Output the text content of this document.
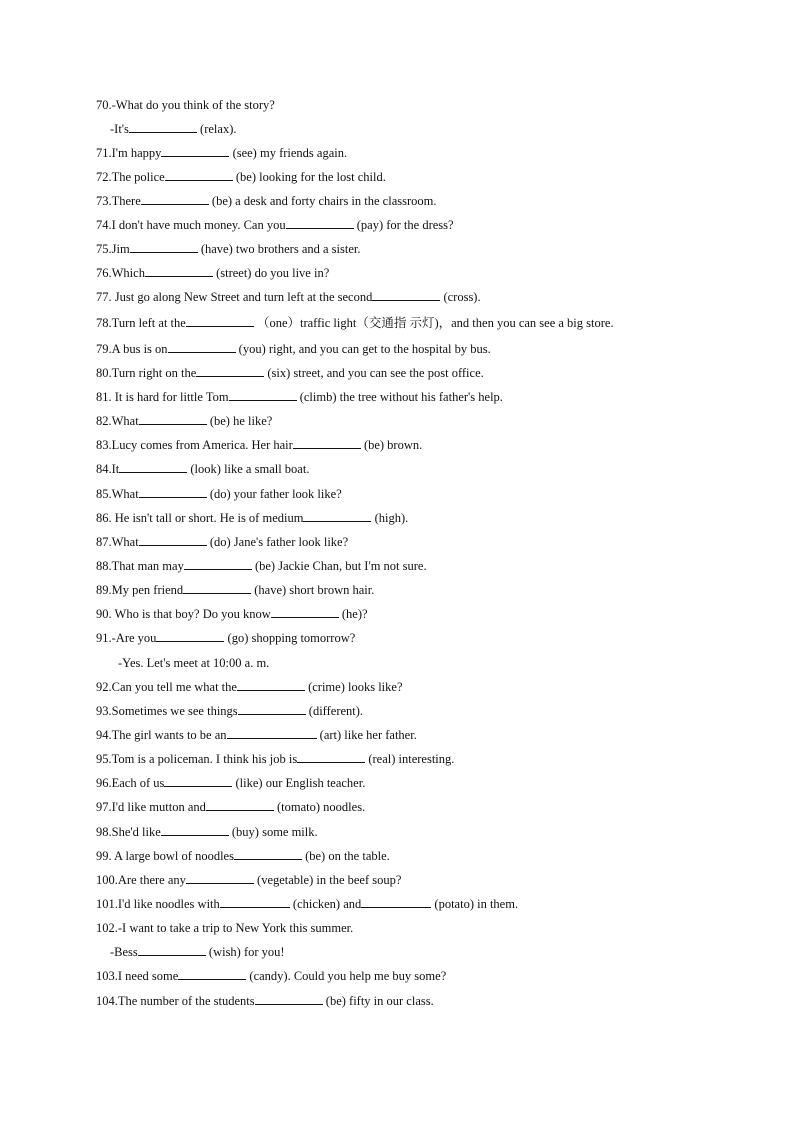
70.-What do you think of the story?
-It's	(relax).
71.I'm happy	(see) my friends again.
72.The police	(be) looking for the lost child.
73.There	(be) a desk and forty chairs in the classroom.
74.I don't have much money. Can you	(pay) for the dress?
75.Jim	(have) two brothers and a sister.
76.Which	(street) do you live in?
77. Just go along New Street and turn left at the second	(cross).
78.Turn left at the	（one）traffic light（交通指 示灯)，and then you can see a big store.
79.A bus is on	(you) right, and you can get to the hospital by bus.
80.Turn right on the	(six) street, and you can see the post office.
81. It is hard for little Tom	(climb) the tree without his father's help.
82.What	(be) he like?
83.Lucy comes from America. Her hair	(be) brown.
84.It	(look) like a small boat.
85.What	(do) your father look like?
86. He isn't tall or short. He is of medium	(high).
87.What	(do) Jane's father look like?
88.That man may	(be) Jackie Chan, but I'm not sure.
89.My pen friend	(have) short brown hair.
90. Who is that boy? Do you know	(he)?
91.-Are you	(go) shopping tomorrow?
-Yes. Let's meet at 10:00 a. m.
92.Can you tell me what the	(crime) looks like?
93.Sometimes we see things	(different).
94.The girl wants to be an	(art) like her father.
95.Tom is a policeman. I think his job is	(real) interesting.
96.Each of us	(like) our English teacher.
97.I'd like mutton and	(tomato) noodles.
98.She'd like	(buy) some milk.
99. A large bowl of noodles	(be) on the table.
100.Are there any	(vegetable) in the beef soup?
101.I'd like noodles with	(chicken) and	(potato) in them.
102.-I want to take a trip to New York this summer.
-Bess	(wish) for you!
103.I need some	(candy). Could you help me buy some?
104.The number of the students	(be) fifty in our class.
